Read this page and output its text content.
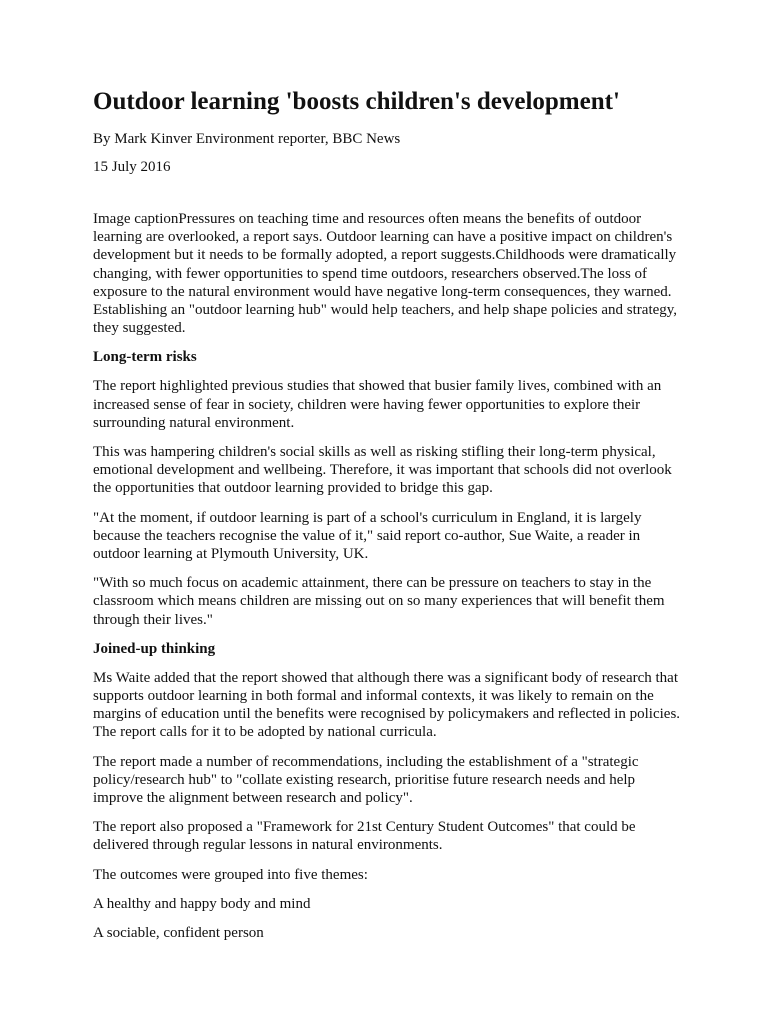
Outdoor learning 'boosts children's development'

By Mark Kinver Environment reporter, BBC News

15 July 2016

Image captionPressures on teaching time and resources often means the benefits of outdoor learning are overlooked, a report says. Outdoor learning can have a positive impact on children's development but it needs to be formally adopted, a report suggests.Childhoods were dramatically changing, with fewer opportunities to spend time outdoors, researchers observed.The loss of exposure to the natural environment would have negative long-term consequences, they warned. Establishing an "outdoor learning hub" would help teachers, and help shape policies and strategy, they suggested.

Long-term risks

The report highlighted previous studies that showed that busier family lives, combined with an increased sense of fear in society, children were having fewer opportunities to explore their surrounding natural environment.

This was hampering children's social skills as well as risking stifling their long-term physical, emotional development and wellbeing. Therefore, it was important that schools did not overlook the opportunities that outdoor learning provided to bridge this gap.

"At the moment, if outdoor learning is part of a school's curriculum in England, it is largely because the teachers recognise the value of it," said report co-author, Sue Waite, a reader in outdoor learning at Plymouth University, UK.

"With so much focus on academic attainment, there can be pressure on teachers to stay in the classroom which means children are missing out on so many experiences that will benefit them through their lives."

Joined-up thinking

Ms Waite added that the report showed that although there was a significant body of research that supports outdoor learning in both formal and informal contexts, it was likely to remain on the margins of education until the benefits were recognised by policymakers and reflected in policies. The report calls for it to be adopted by national curricula.

The report made a number of recommendations, including the establishment of a "strategic policy/research hub" to "collate existing research, prioritise future research needs and help improve the alignment between research and policy".

The report also proposed a "Framework for 21st Century Student Outcomes" that could be delivered through regular lessons in natural environments.

The outcomes were grouped into five themes:

A healthy and happy body and mind

A sociable, confident person
